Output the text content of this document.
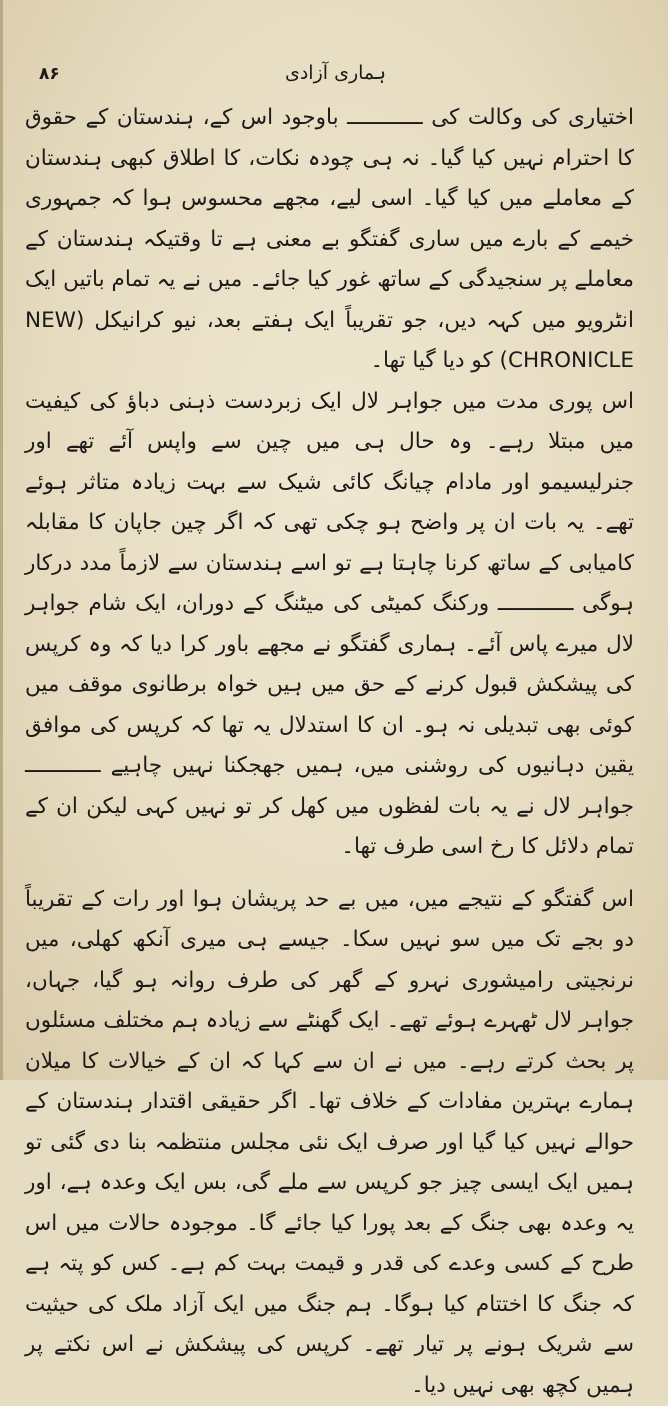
۸۶	ہماری آزادی

اختیاری کی وکالت کی ــــــــــــ باوجود اس کے، ہندستان کے حقوق کا احترام نہیں کیا گیا۔ نہ ہی چودہ نکات، کا اطلاق کبھی ہندستان کے معاملے میں کیا گیا۔ اسی لیے، مجھے محسوس ہوا کہ جمہوری خیمے کے بارے میں ساری گفتگو بے معنی ہے تا وقتیکہ ہندستان کے معاملے پر سنجیدگی کے ساتھ غور کیا جائے۔ میں نے یہ تمام باتیں ایک انٹرویو میں کہہ دیں، جو تقریباً ایک ہفتے بعد، نیو کرانیکل (NEW CHRONICLE) کو دیا گیا تھا۔

اس پوری مدت میں جواہر لال ایک زبردست ذہنی دباؤ کی کیفیت میں مبتلا رہے۔ وہ حال ہی میں چین سے واپس آئے تھے اور جنرلیسیمو اور مادام چیانگ کائی شیک سے بہت زیادہ متاثر ہوئے تھے۔ یہ بات ان پر واضح ہو چکی تھی کہ اگر چین جاپان کا مقابلہ کامیابی کے ساتھ کرنا چاہتا ہے تو اسے ہندستان سے لازماً مدد درکار ہوگی ــــــــــــ ورکنگ کمیٹی کی میٹنگ کے دوران، ایک شام جواہر لال میرے پاس آئے۔ ہماری گفتگو نے مجھے باور کرا دیا کہ وہ کرپس کی پیشکش قبول کرنے کے حق میں ہیں خواہ برطانوی موقف میں کوئی بھی تبدیلی نہ ہو۔ ان کا استدلال یہ تھا کہ کرپس کی موافق یقین دہانیوں کی روشنی میں، ہمیں جھجکنا نہیں چاہیے ــــــــــــ جواہر لال نے یہ بات لفظوں میں کھل کر تو نہیں کہی لیکن ان کے تمام دلائل کا رخ اسی طرف تھا۔

اس گفتگو کے نتیجے میں، میں بے حد پریشان ہوا اور رات کے تقریباً دو بجے تک میں سو نہیں سکا۔ جیسے ہی میری آنکھ کھلی، میں نرنجیتی رامیشوری نہرو کے گھر کی طرف روانہ ہو گیا، جہاں، جواہر لال ٹھہرے ہوئے تھے۔ ایک گھنٹے سے زیادہ ہم مختلف مسئلوں پر بحث کرتے رہے۔ میں نے ان سے کہا کہ ان کے خیالات کا میلان ہمارے بہترین مفادات کے خلاف تھا۔ اگر حقیقی اقتدار ہندستان کے حوالے نہیں کیا گیا اور صرف ایک نئی مجلس منتظمہ بنا دی گئی تو ہمیں ایک ایسی چیز جو کرپس سے ملے گی، بس ایک وعدہ ہے، اور یہ وعدہ بھی جنگ کے بعد پورا کیا جائے گا۔ موجودہ حالات میں اس طرح کے کسی وعدے کی قدر و قیمت بہت کم ہے۔ کس کو پتہ ہے کہ جنگ کا اختتام کیا ہوگا۔ ہم جنگ میں ایک آزاد ملک کی حیثیت سے شریک ہونے پر تیار تھے۔ کرپس کی پیشکش نے اس نکتے پر ہمیں کچھ بھی نہیں دیا۔
